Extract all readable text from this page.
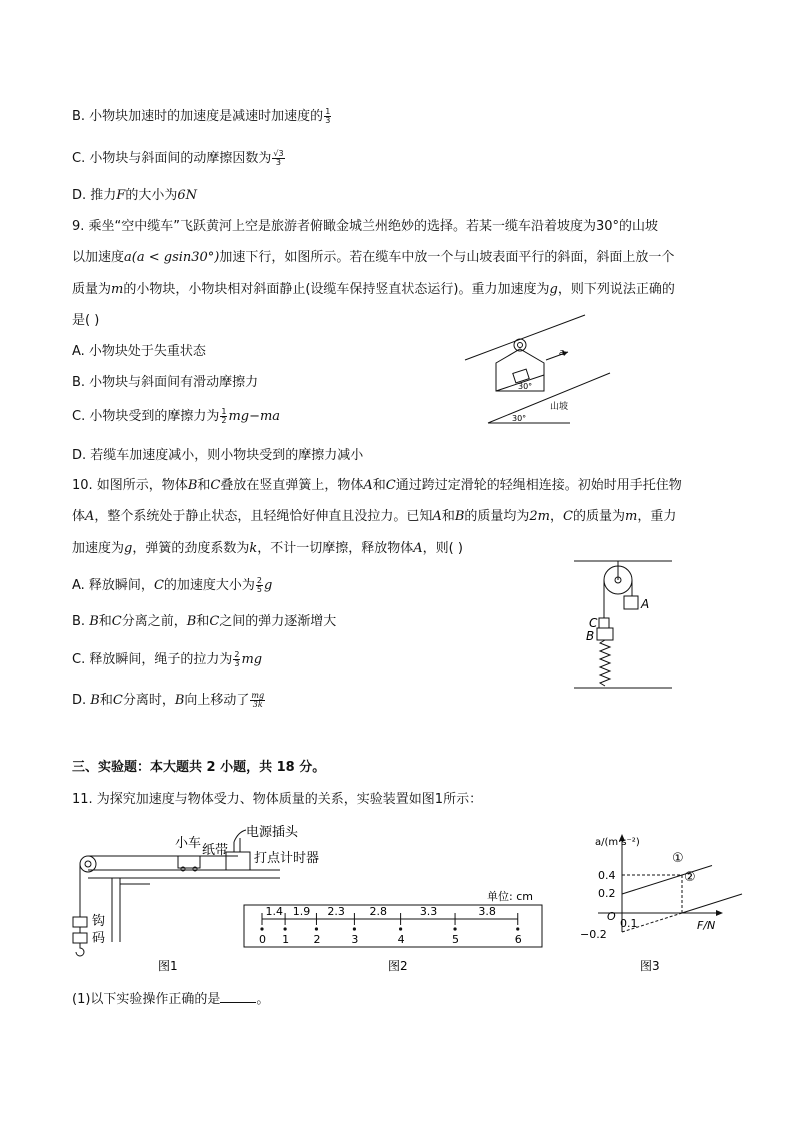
B. 小物块加速时的加速度是减速时加速度的 $\frac{1}{3}$
C. 小物块与斜面间的动摩擦因数为 $\frac{√3}{3}$
D. 推力F的大小为6N
9. 乘坐“空中缆车”飞跃黄河上空是旅游者俯瞰金城兰州绝妙的选择。若某一缆车沿着坡度为30°的山坡
以加速度a(a < gsin30°)加速下行，如图所示。若在缆车中放一个与山坡表面平行的斜面，斜面上放一个
质量为m的小物块，小物块相对斜面静止(设缆车保持竖直状态运行)。重力加速度为g，则下列说法正确的
是( )
A. 小物块处于失重状态
B. 小物块与斜面间有滑动摩擦力
C. 小物块受到的摩擦力为 $\frac{1}{2} mg-ma$
D. 若缆车加速度减小，则小物块受到的摩擦力减小
a
30°
30°
山坡
10. 如图所示，物体B和C叠放在竖直弹簧上，物体A和C通过跨过定滑轮的轻绳相连接。初始时用手托住物
体A，整个系统处于静止状态，且轻绳恰好伸直且没拉力。已知A和B的质量均为2m，C的质量为m，重力
加速度为g，弹簧的劲度系数为k，不计一切摩擦，释放物体A，则( )
A. 释放瞬间，C的加速度大小为 $\frac{2}{5}$ g
B. B和C分离之前，B和C之间的弹力逐渐增大
C. 释放瞬间，绳子的拉力为 $\frac{2}{3}$ mg
D. B和C分离时，B向上移动了 $\frac{mg}{3k}$
A
C
B
三、实验题：本大题共 2 小题，共 18 分。
11. 为探究加速度与物体受力、物体质量的关系，实验装置如图1所示：
钩
码
小车 纸带
电源插头
打点计时器
图1
单位: cm
0 1 2	3	4	5	6
1.4 1.9 2.3 2.8	3.3	3.8
图2
a/(m·s⁻²)
F/N
O
0.4
0.2
−0.2
0.1
①
②
图3
(1)以下实验操作正确的是	。
